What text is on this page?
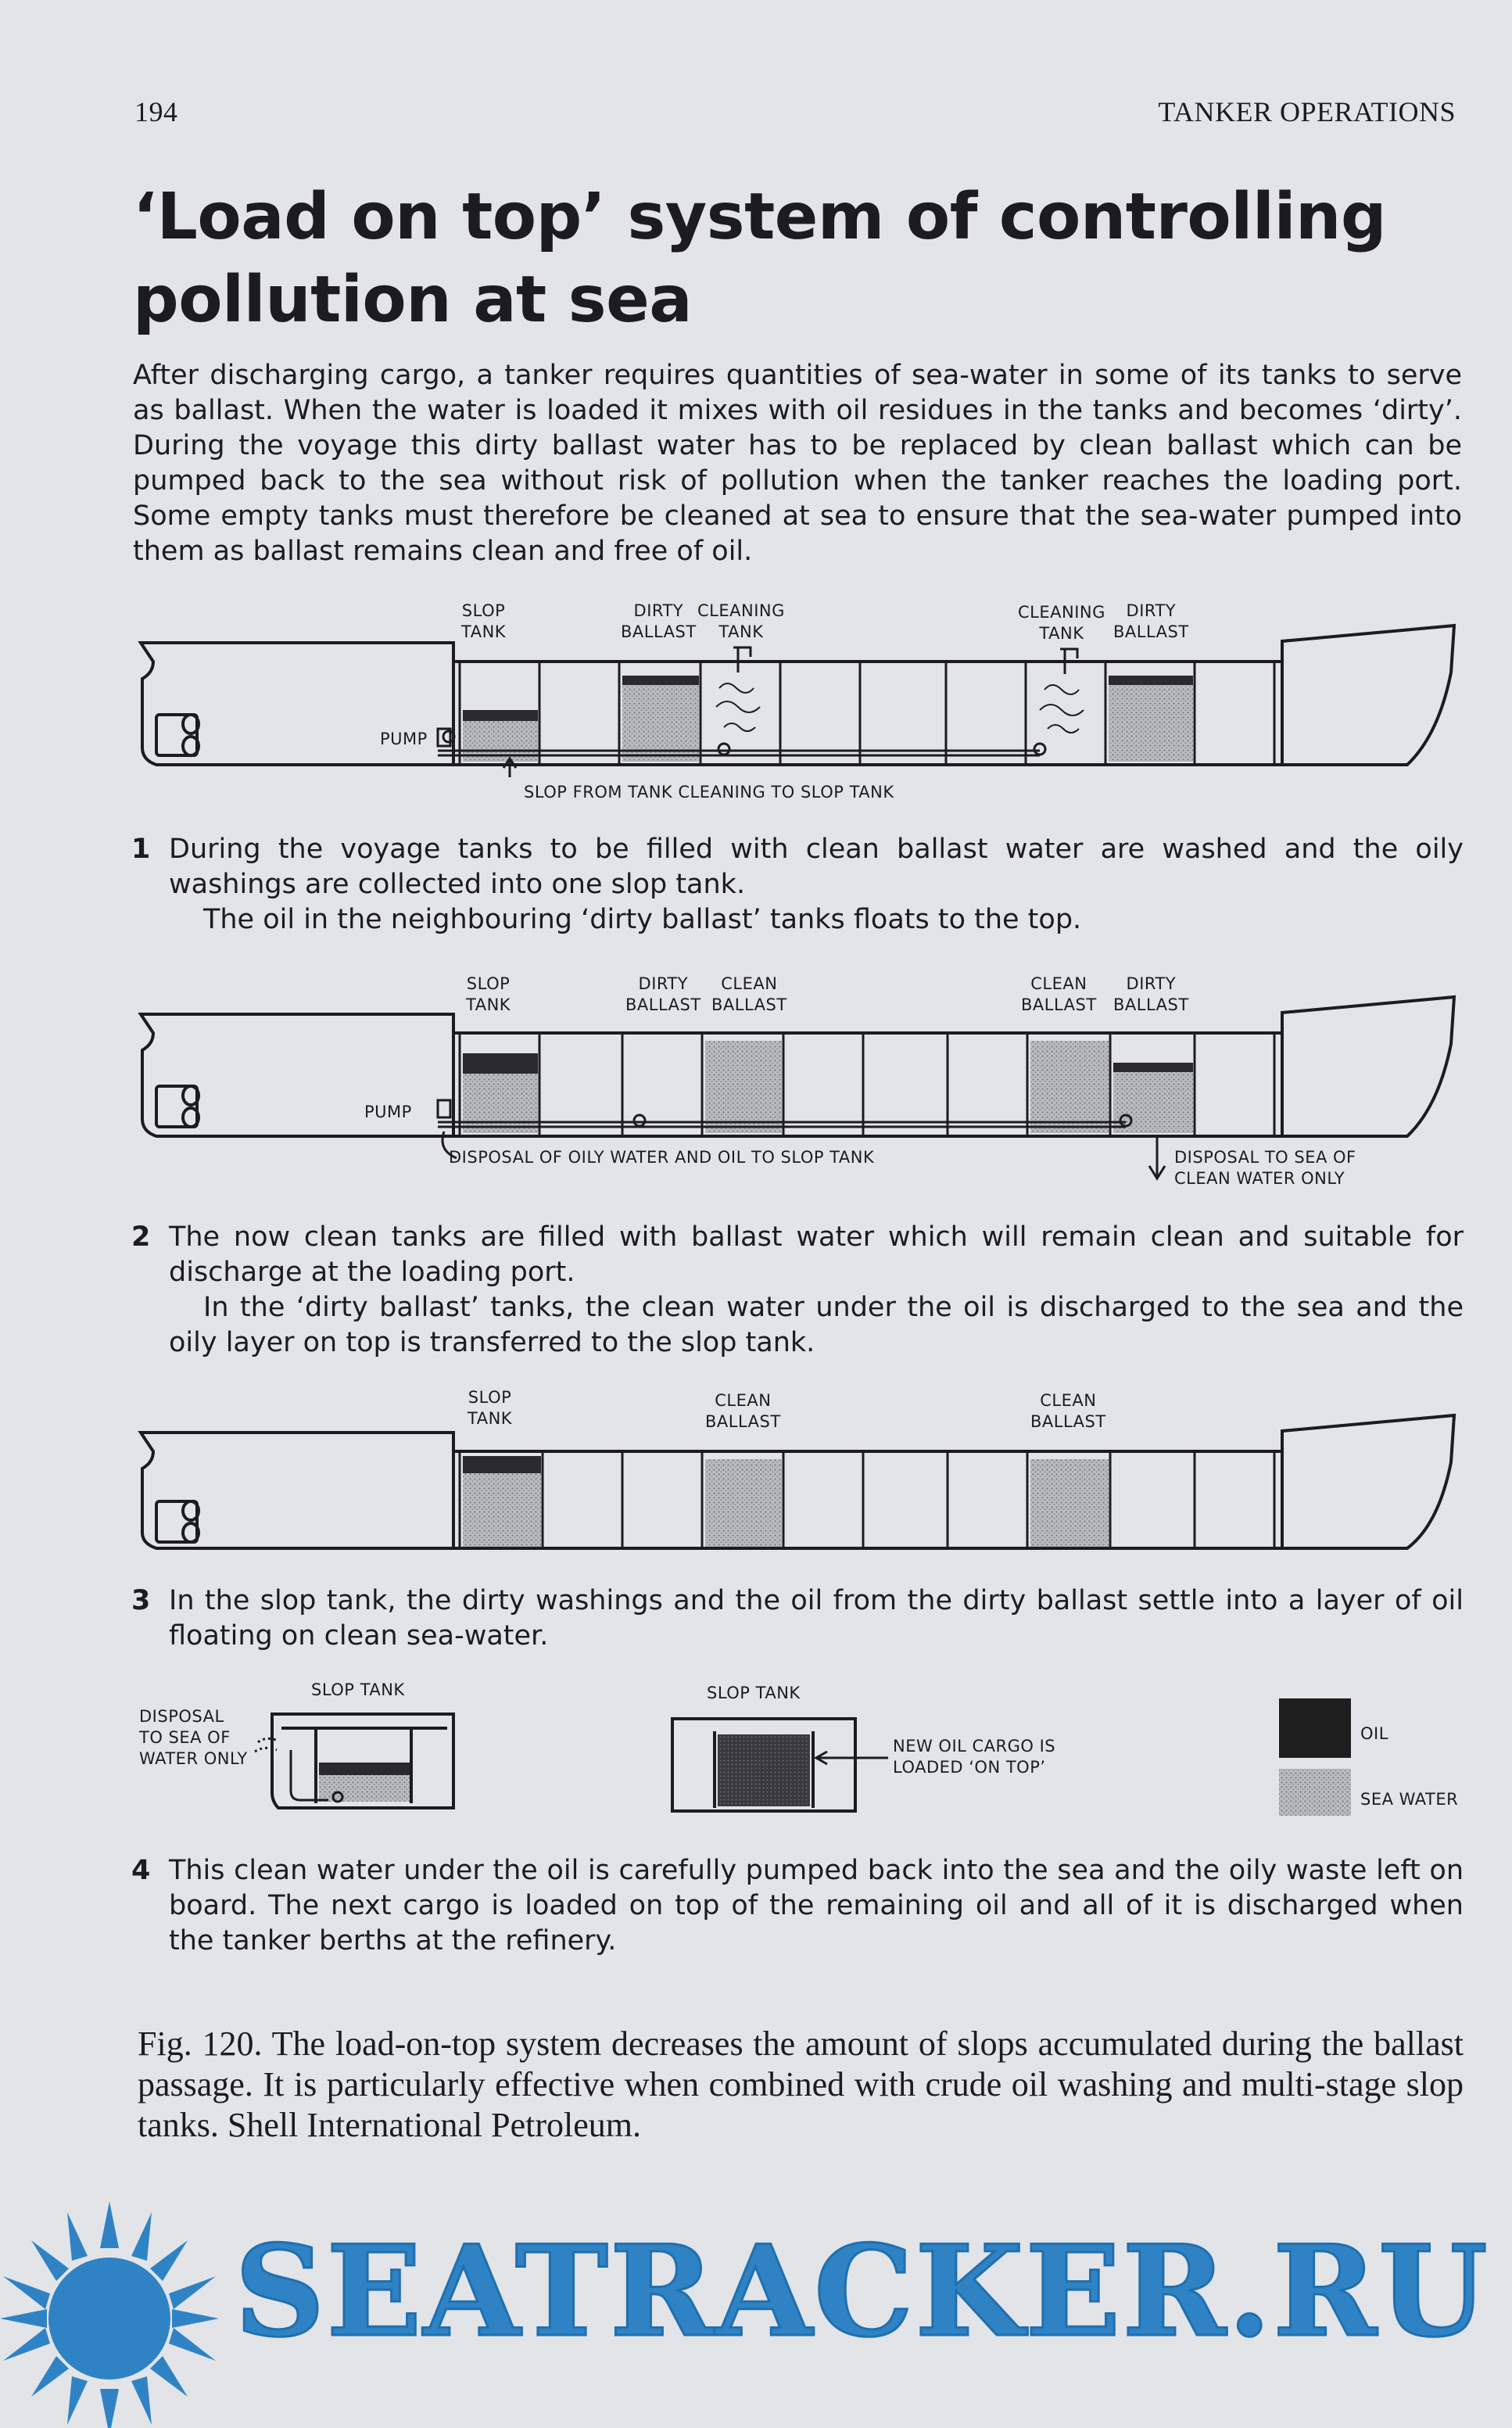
194	TANKER OPERATIONS
‘Load on top’ system of controlling pollution at sea
After discharging cargo, a tanker requires quantities of sea-water in some of its tanks to serve as ballast. When the water is loaded it mixes with oil residues in the tanks and becomes ‘dirty’. During the voyage this dirty ballast water has to be replaced by clean ballast which can be pumped back to the sea without risk of pollution when the tanker reaches the loading port. Some empty tanks must therefore be cleaned at sea to ensure that the sea-water pumped into them as ballast remains clean and free of oil.
SLOP
TANK
DIRTY
BALLAST
CLEANING
TANK
CLEANING
TANK
DIRTY
BALLAST
PUMP
SLOP FROM TANK CLEANING TO SLOP TANK
1 During the voyage tanks to be filled with clean ballast water are washed and the oily washings are collected into one slop tank.
The oil in the neighbouring ‘dirty ballast’ tanks floats to the top.
SLOP
TANK
DIRTY
BALLAST
CLEAN
BALLAST
CLEAN
BALLAST
DIRTY
BALLAST
PUMP
DISPOSAL OF OILY WATER AND OIL TO SLOP TANK	DISPOSAL TO SEA OF
CLEAN WATER ONLY
2 The now clean tanks are filled with ballast water which will remain clean and suitable for discharge at the loading port.
In the ‘dirty ballast’ tanks, the clean water under the oil is discharged to the sea and the oily layer on top is transferred to the slop tank.
SLOP
TANK
CLEAN
BALLAST
CLEAN
BALLAST
3 In the slop tank, the dirty washings and the oil from the dirty ballast settle into a layer of oil floating on clean sea-water.
SLOP TANK	SLOP TANK
DISPOSAL
TO SEA OF
WATER ONLY
NEW OIL CARGO IS
LOADED ‘ON TOP’
OIL
SEA WATER
4 This clean water under the oil is carefully pumped back into the sea and the oily waste left on board. The next cargo is loaded on top of the remaining oil and all of it is discharged when the tanker berths at the refinery.
Fig. 120. The load-on-top system decreases the amount of slops accumulated during the ballast passage. It is particularly effective when combined with crude oil washing and multi-stage slop tanks. Shell International Petroleum.
SEATRACKER.RU
